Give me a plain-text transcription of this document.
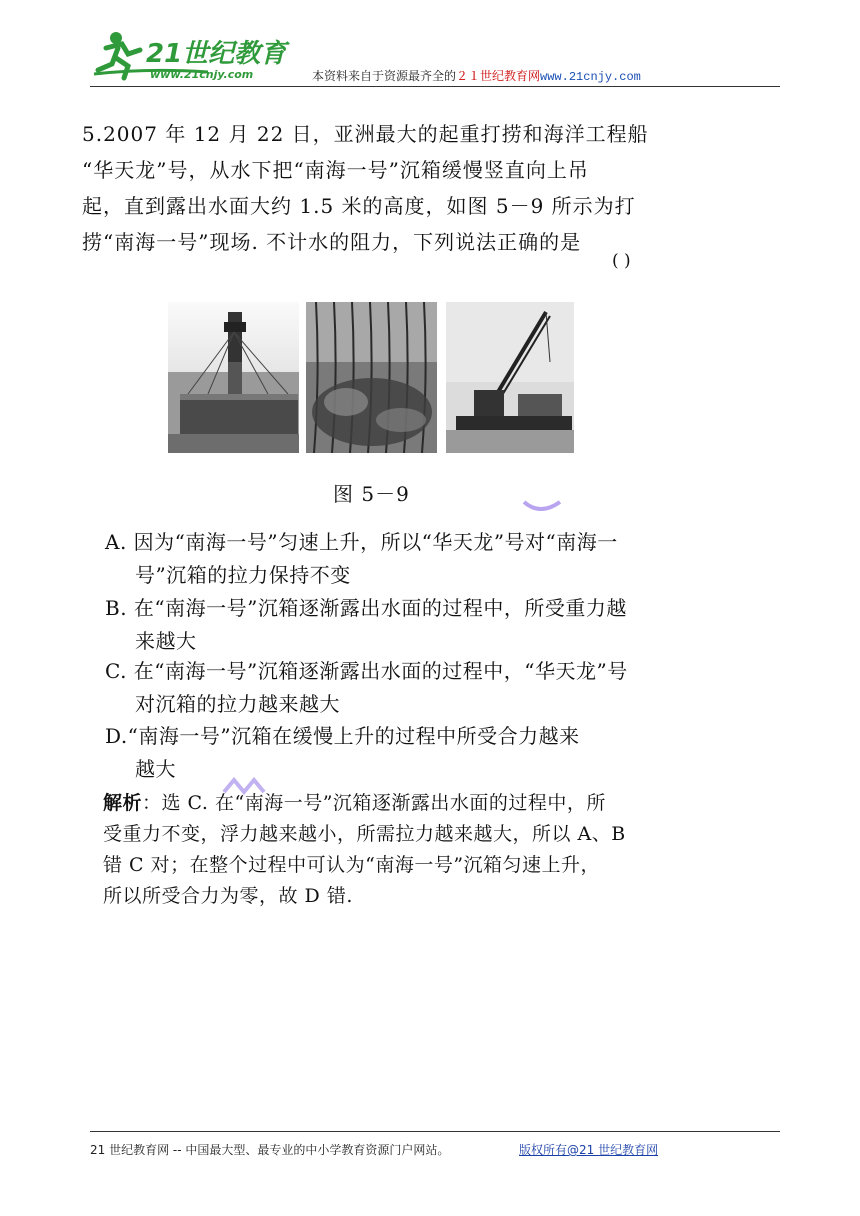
21世纪教育
www.21cnjy.com	本资料来自于资源最齐全的２１世纪教育网www.21cnjy.com

5.2007 年 12 月 22 日，亚洲最大的起重打捞和海洋工程船

“华天龙”号，从水下把“南海一号”沉箱缓慢竖直向上吊

起，直到露出水面大约 1.5 米的高度，如图 5－9 所示为打

捞“南海一号”现场. 不计水的阻力，下列说法正确的是

( )
图 5－9
A. 因为“南海一号”匀速上升，所以“华天龙”号对“南海一
号”沉箱的拉力保持不变
B. 在“南海一号”沉箱逐渐露出水面的过程中，所受重力越
来越大
C. 在“南海一号”沉箱逐渐露出水面的过程中，“华天龙”号
对沉箱的拉力越来越大
D.“南海一号”沉箱在缓慢上升的过程中所受合力越来
越大
解析：选 C. 在“南海一号”沉箱逐渐露出水面的过程中，所
受重力不变，浮力越来越小，所需拉力越来越大，所以 A、B
错 C 对；在整个过程中可认为“南海一号”沉箱匀速上升，
所以所受合力为零，故 D 错.
21 世纪教育网 -- 中国最大型、最专业的中小学教育资源门户网站。	版权所有@21 世纪教育网
